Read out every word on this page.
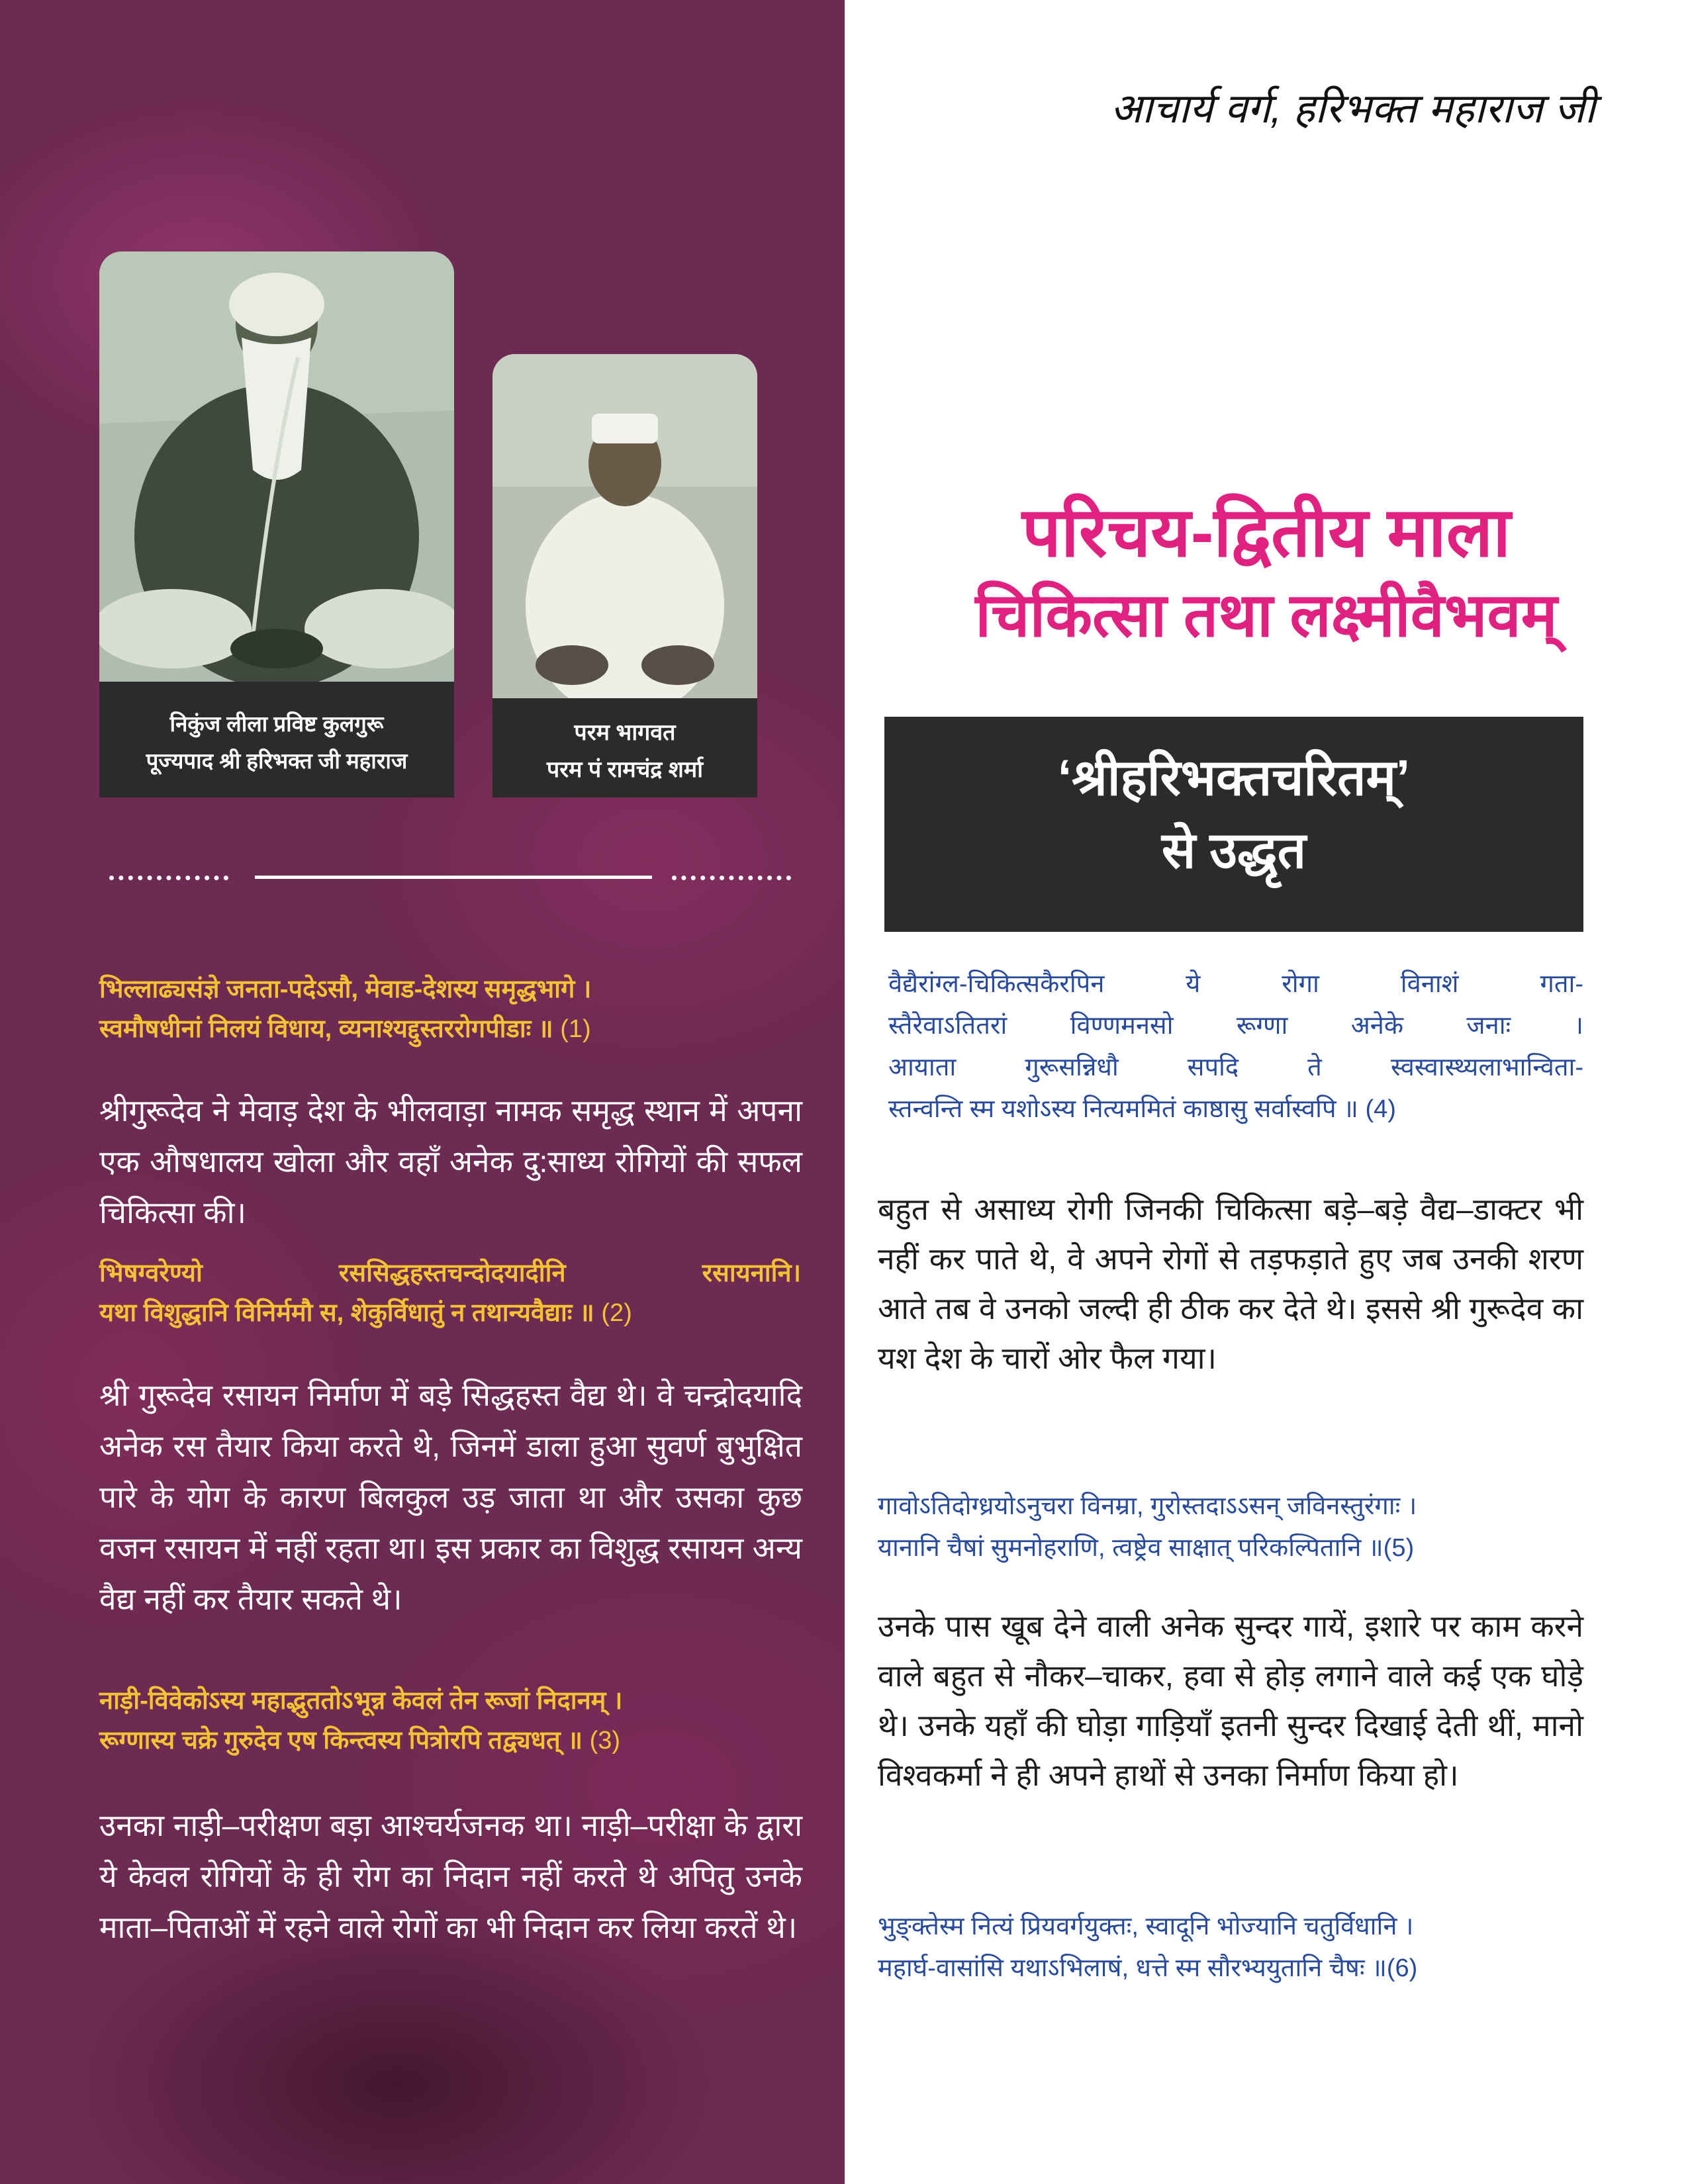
निकुंज लीला प्रविष्ट कुलगुरू
पूज्यपाद श्री हरिभक्त जी महाराज
परम भागवत
परम पं रामचंद्र शर्मा
भिल्लाढ्यसंज्ञे जनता-पदेऽसौ, मेवाड-देशस्य समृद्धभागे ।
स्वमौषधीनां निलयं विधाय, व्यनाश्यद्दुस्तररोगपीडाः ॥ (1)
श्रीगुरूदेव ने मेवाड़ देश के भीलवाड़ा नामक समृद्ध स्थान में अपना एक औषधालय खोला और वहाँ अनेक दु:साध्य रोगियों की सफल चिकित्सा की।
भिषग्वरेण्यो रससिद्धहस्तचन्दोदयादीनि रसायनानि।
यथा विशुद्धानि विनिर्ममौ स, शेकुर्विधातुं न तथान्यवैद्याः ॥ (2)
श्री गुरूदेव रसायन निर्माण में बड़े सिद्धहस्त वैद्य थे। वे चन्द्रोदयादि अनेक रस तैयार किया करते थे, जिनमें डाला हुआ सुवर्ण बुभुक्षित पारे के योग के कारण बिलकुल उड़ जाता था और उसका कुछ वजन रसायन में नहीं रहता था। इस प्रकार का विशुद्ध रसायन अन्य वैद्य नहीं कर तैयार सकते थे।
नाड़ी-विवेकोऽस्य महाद्भुततोऽभून्न केवलं तेन रूजां निदानम् ।
रूग्णास्य चक्रे गुरुदेव एष किन्त्वस्य पित्रोरपि तद्व्यधत् ॥ (3)
उनका नाड़ी–परीक्षण बड़ा आश्चर्यजनक था। नाड़ी–परीक्षा के द्वारा ये केवल रोगियों के ही रोग का निदान नहीं करते थे अपितु उनके माता–पिताओं में रहने वाले रोगों का भी निदान कर लिया करतें थे।
आचार्य वर्ग, हरिभक्त महाराज जी
परिचय-द्वितीय माला
चिकित्सा तथा लक्ष्मीवैभवम्
‘श्रीहरिभक्तचरितम्’
से उद्धृत
वैद्यैरांग्ल-चिकित्सकैरपिन ये रोगा विनाशं गता-
स्तैरेवाऽतितरां विण्णमनसो रूग्णा अनेके जनाः ।
आयाता गुरूसन्निधौ सपदि ते स्वस्वास्थ्यलाभान्विता-
स्तन्वन्ति स्म यशोऽस्य नित्यममितं काष्ठासु सर्वास्वपि ॥ (4)
बहुत से असाध्य रोगी जिनकी चिकित्सा बड़े–बड़े वैद्य–डाक्टर भी नहीं कर पाते थे, वे अपने रोगों से तड़फड़ाते हुए जब उनकी शरण आते तब वे उनको जल्दी ही ठीक कर देते थे। इससे श्री गुरूदेव का यश देश के चारों ओर फैल गया।
गावोऽतिदोग्ध्रयोऽनुचरा विनम्रा, गुरोस्तदाऽऽसन् जविनस्तुरंगाः ।
यानानि चैषां सुमनोहराणि, त्वष्ट्रेव साक्षात् परिकल्पितानि ॥(5)
उनके पास खूब देने वाली अनेक सुन्दर गायें, इशारे पर काम करने वाले बहुत से नौकर–चाकर, हवा से होड़ लगाने वाले कई एक घोड़े थे। उनके यहाँ की घोड़ा गाड़ियाँ इतनी सुन्दर दिखाई देती थीं, मानो विश्वकर्मा ने ही अपने हाथों से उनका निर्माण किया हो।
भुङ्क्तेस्म नित्यं प्रियवर्गयुक्तः, स्वादूनि भोज्यानि चतुर्विधानि ।
महार्घ-वासांसि यथाऽभिलाषं, धत्ते स्म सौरभ्ययुतानि चैषः ॥(6)
